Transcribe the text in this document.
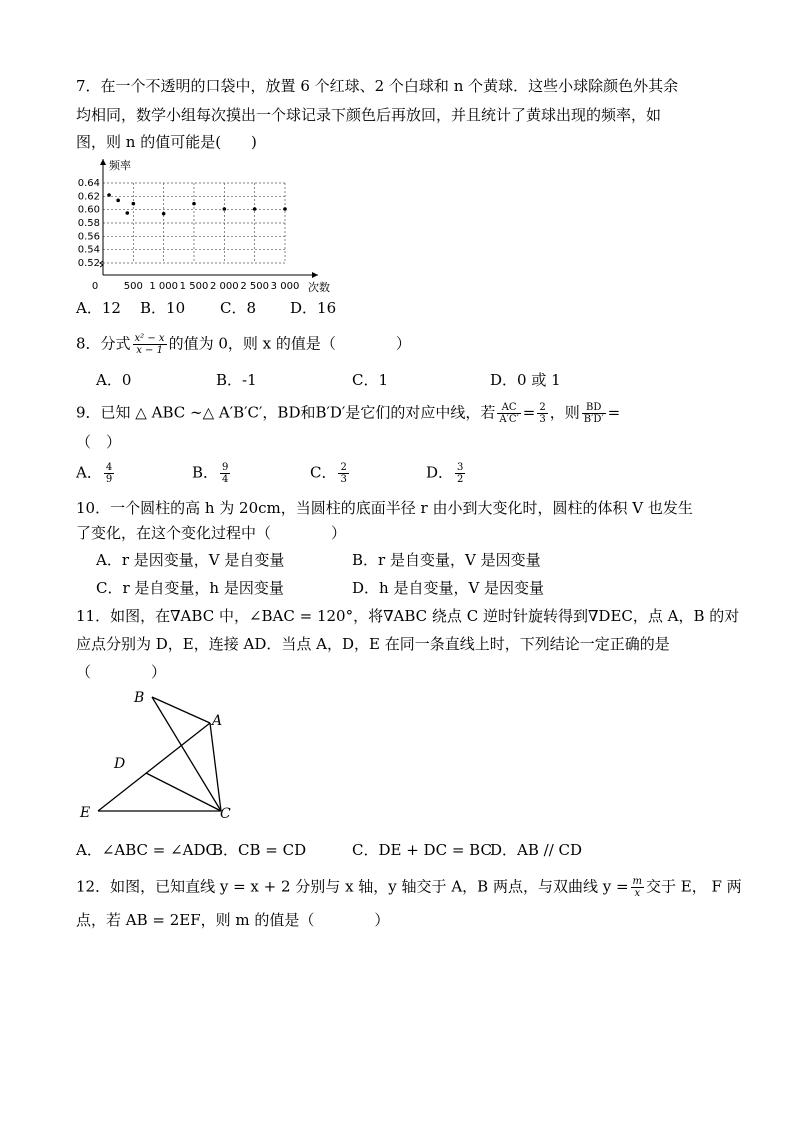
7．在一个不透明的口袋中，放置 6 个红球、2 个白球和 n 个黄球．这些小球除颜色外其余
均相同，数学小组每次摸出一个球记录下颜色后再放回，并且统计了黄球出现的频率，如
图，则 n 的值可能是(　　)
0.64
0.62
0.60
0.58
0.56
0.54
0.52
500 1 000 1 500 2 000 2 500 3 000
0
频率
次数
A．12 B．10 C．8 D．16
8．分式 $\frac{\text{x² − x}}{x - 1}$ 的值为 0，则 x 的值是（　　　　）
A．0	B．-1	C．1	D．0 或 1
9．已知 △ ABC ∼△ A′B′C′，BD和B′D′是它们的对应中线，若 $\frac{AC}{A'C'} = \frac{2}{3}$ ，则 $\frac{BD}{B'D'}$ =
（　）
A． $\frac{4}{9}$	B． $\frac{9}{4}$	C． $\frac{2}{3}$	D． $\frac{3}{2}$
10．一个圆柱的高 h 为 20cm，当圆柱的底面半径 r 由小到大变化时，圆柱的体积 V 也发生
了变化，在这个变化过程中（　　　　）
A．r 是因变量，V 是自变量	B．r 是自变量，V 是因变量
C．r 是自变量，h 是因变量	D．h 是自变量，V 是因变量
11．如图，在∇ABC 中，∠BAC = 120°，将∇ABC 绕点 C 逆时针旋转得到∇DEC，点 A，B 的对
应点分别为 D，E，连接 AD．当点 A，D，E 在同一条直线上时，下列结论一定正确的是
（　　　　）
B
A
D
E	C
A．∠ABC = ∠ADC
B．CB = CD	C．DE + DC = BC
D．AB // CD
12．如图，已知直线 y = x + 2 分别与 x 轴，y 轴交于 A，B 两点，与双曲线 $y = \frac{m}{x}$ 交于 E， F 两
点，若 AB = 2EF，则 m 的值是（　　　　）
